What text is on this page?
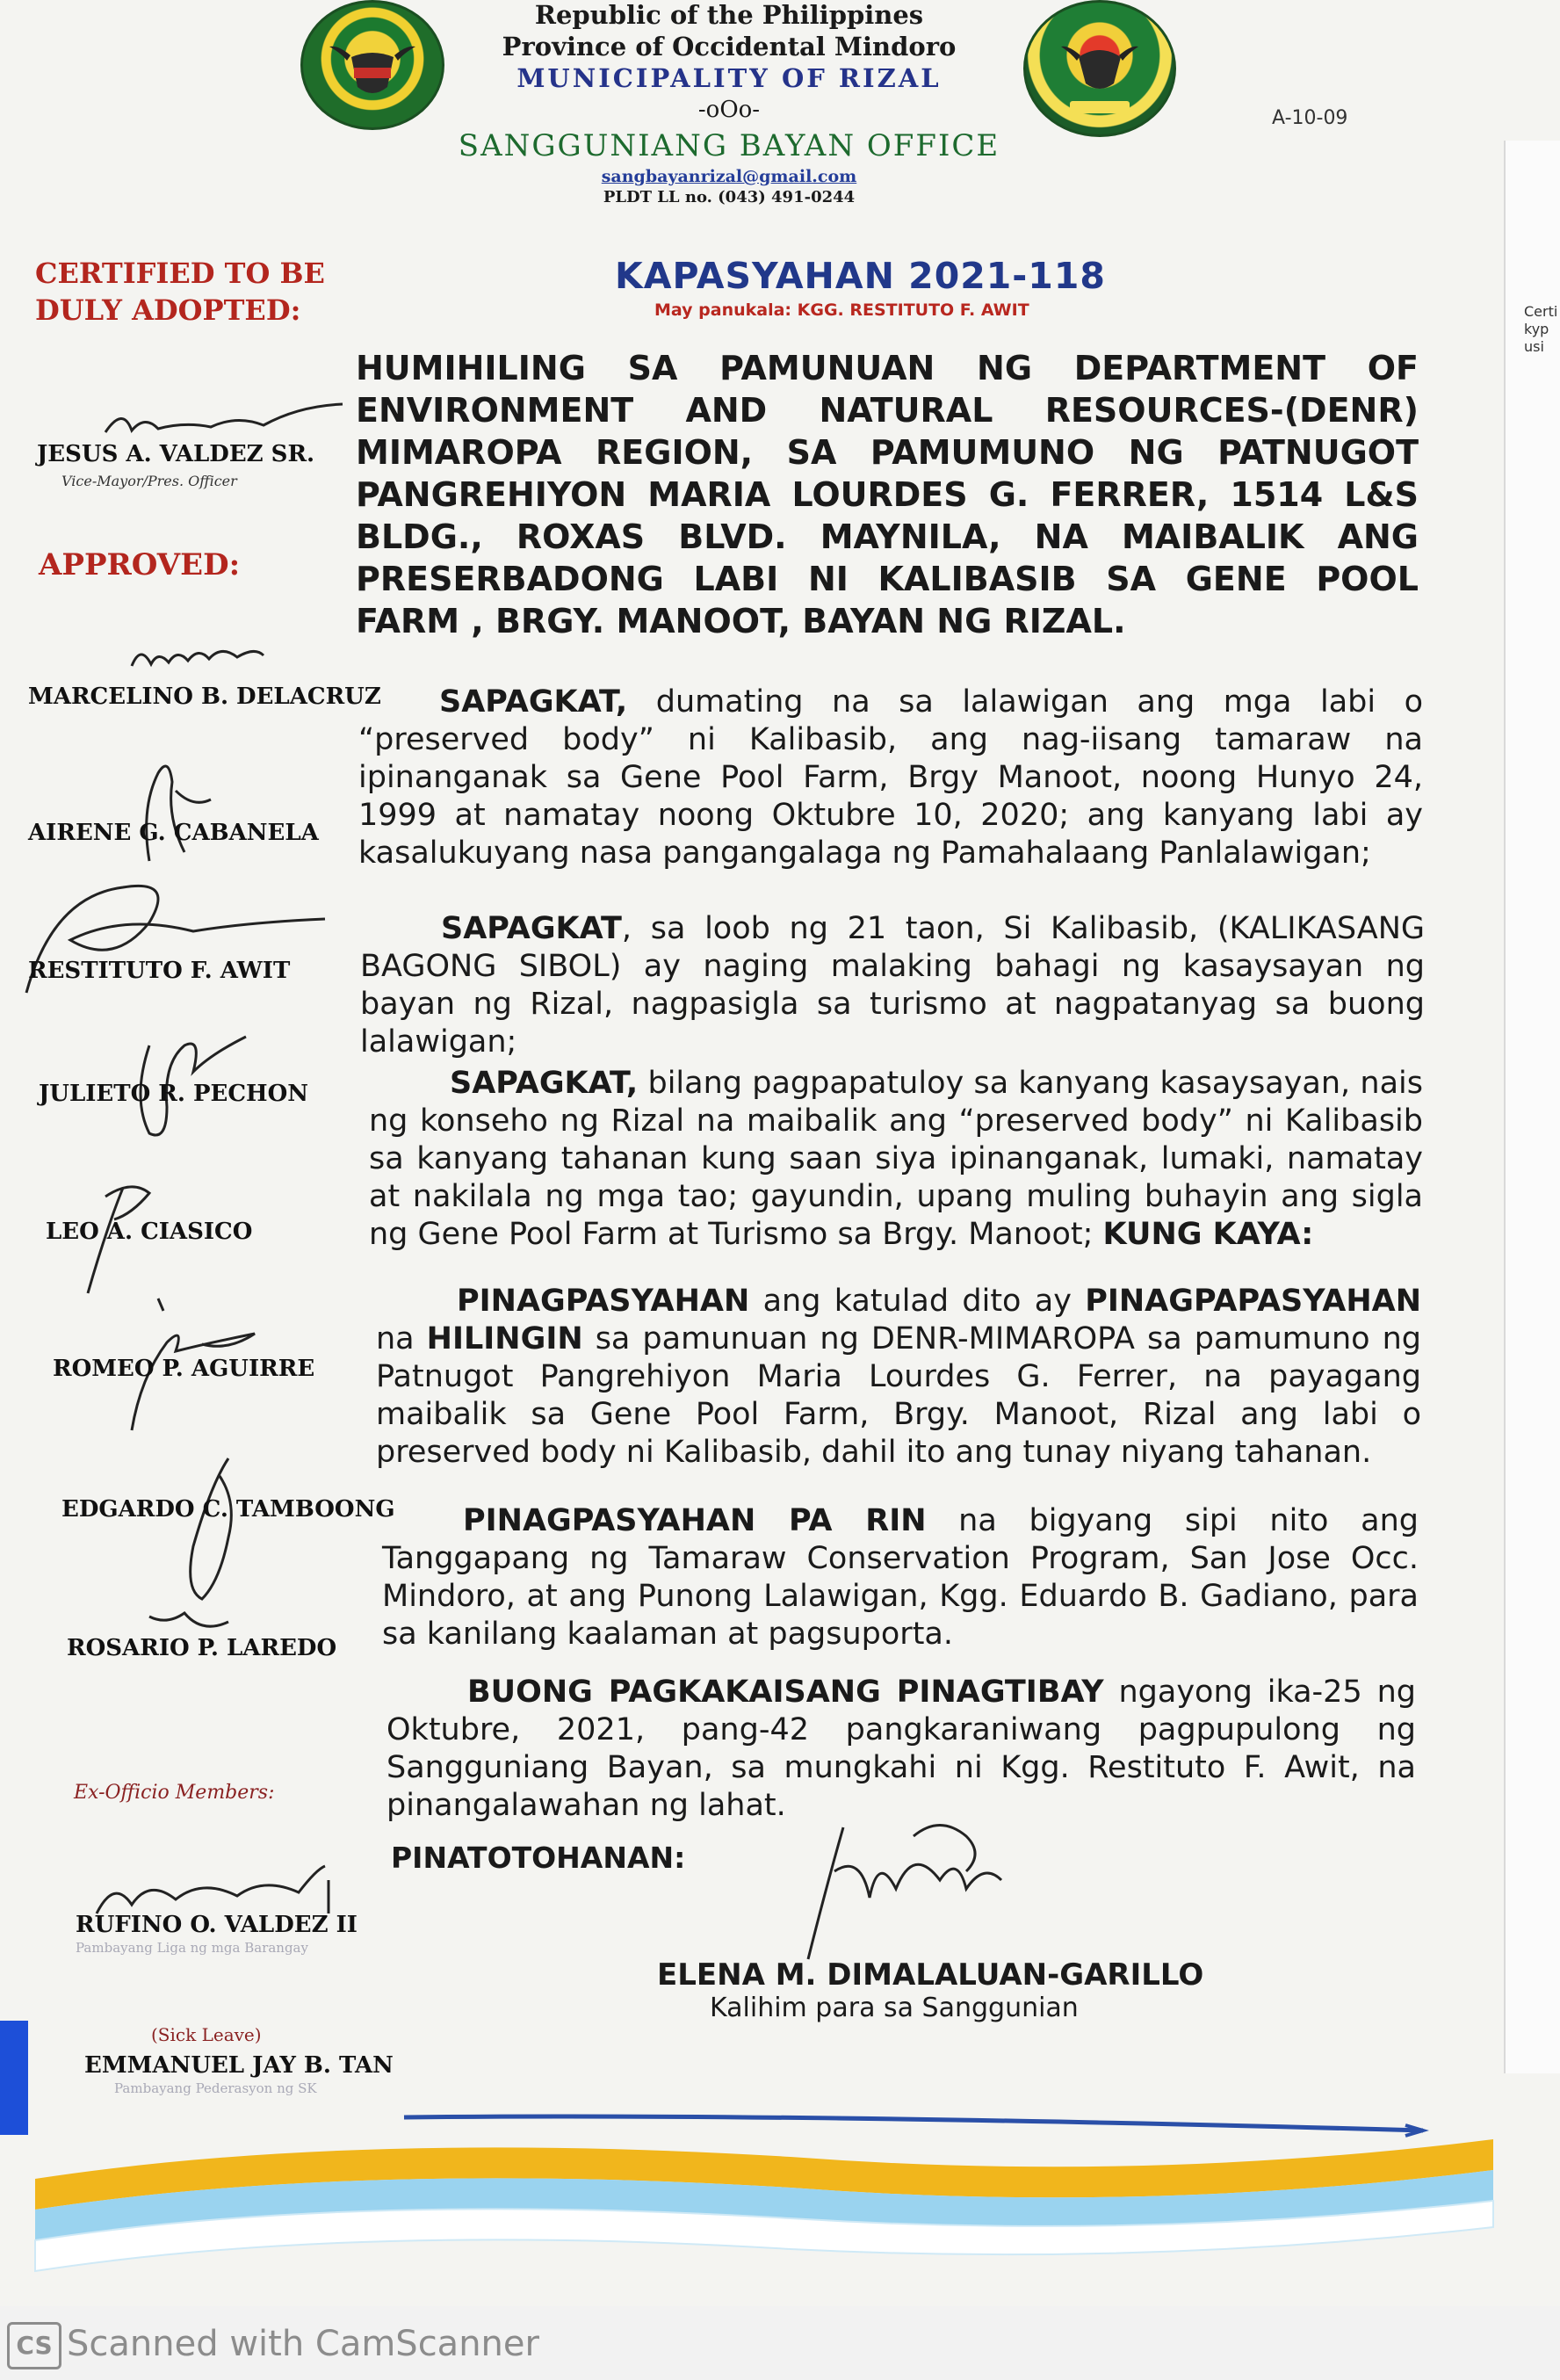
Certi
kyp
usi
Republic of the Philippines
Province of Occidental Mindoro
MUNICIPALITY OF RIZAL
-oOo-
SANGGUNIANG BAYAN OFFICE
sangbayanrizal@gmail.com
PLDT LL no. (043) 491-0244
A-10-09
CERTIFIED TO BE
DULY ADOPTED:
JESUS A. VALDEZ SR.
Vice-Mayor/Pres. Officer
APPROVED:
MARCELINO B. DELACRUZ
AIRENE G. CABANELA
RESTITUTO F. AWIT
JULIETO R. PECHON
LEO A. CIASICO
ROMEO P. AGUIRRE
EDGARDO C. TAMBOONG
ROSARIO P. LAREDO
Ex-Officio Members:
RUFINO O. VALDEZ II
Pambayang Liga ng mga Barangay
(Sick Leave)
EMMANUEL JAY B. TAN
Pambayang Pederasyon ng SK
KAPASYAHAN 2021-118
May panukala: KGG. RESTITUTO F. AWIT
HUMIHILING SA PAMUNUAN NG DEPARTMENT OF ENVIRONMENT AND NATURAL RESOURCES-(DENR) MIMAROPA REGION, SA PAMUMUNO NG PATNUGOT PANGREHIYON MARIA LOURDES G. FERRER, 1514 L&S BLDG., ROXAS BLVD. MAYNILA, NA MAIBALIK ANG PRESERBADONG LABI NI KALIBASIB SA GENE POOL FARM , BRGY. MANOOT, BAYAN NG RIZAL.
SAPAGKAT, dumating na sa lalawigan ang mga labi o “preserved body” ni Kalibasib, ang nag-iisang tamaraw na ipinanganak sa Gene Pool Farm, Brgy Manoot, noong Hunyo 24, 1999 at namatay noong Oktubre 10, 2020; ang kanyang labi ay kasalukuyang nasa pangangalaga ng Pamahalaang Panlalawigan;
SAPAGKAT, sa loob ng 21 taon, Si Kalibasib, (KALIKASANG BAGONG SIBOL) ay naging malaking bahagi ng kasaysayan ng bayan ng Rizal, nagpasigla sa turismo at nagpatanyag sa buong lalawigan;
SAPAGKAT, bilang pagpapatuloy sa kanyang kasaysayan, nais ng konseho ng Rizal na maibalik ang “preserved body” ni Kalibasib sa kanyang tahanan kung saan siya ipinanganak, lumaki, namatay at nakilala ng mga tao; gayundin, upang muling buhayin ang sigla ng Gene Pool Farm at Turismo sa Brgy. Manoot; KUNG KAYA:
PINAGPASYAHAN ang katulad dito ay PINAGPAPASYAHAN na HILINGIN sa pamunuan ng DENR-MIMAROPA sa pamumuno ng Patnugot Pangrehiyon Maria Lourdes G. Ferrer, na payagang maibalik sa Gene Pool Farm, Brgy. Manoot, Rizal ang labi o preserved body ni Kalibasib, dahil ito ang tunay niyang tahanan.
PINAGPASYAHAN PA RIN na bigyang sipi nito ang Tanggapang ng Tamaraw Conservation Program, San Jose Occ. Mindoro, at ang Punong Lalawigan, Kgg. Eduardo B. Gadiano, para sa kanilang kaalaman at pagsuporta.
BUONG PAGKAKAISANG PINAGTIBAY ngayong ika-25 ng Oktubre, 2021, pang-42 pangkaraniwang pagpupulong ng Sangguniang Bayan, sa mungkahi ni Kgg. Restituto F. Awit, na pinangalawahan ng lahat.
PINATOTOHANAN:
ELENA M. DIMALALUAN-GARILLO
Kalihim para sa Sanggunian
CS Scanned with CamScanner
